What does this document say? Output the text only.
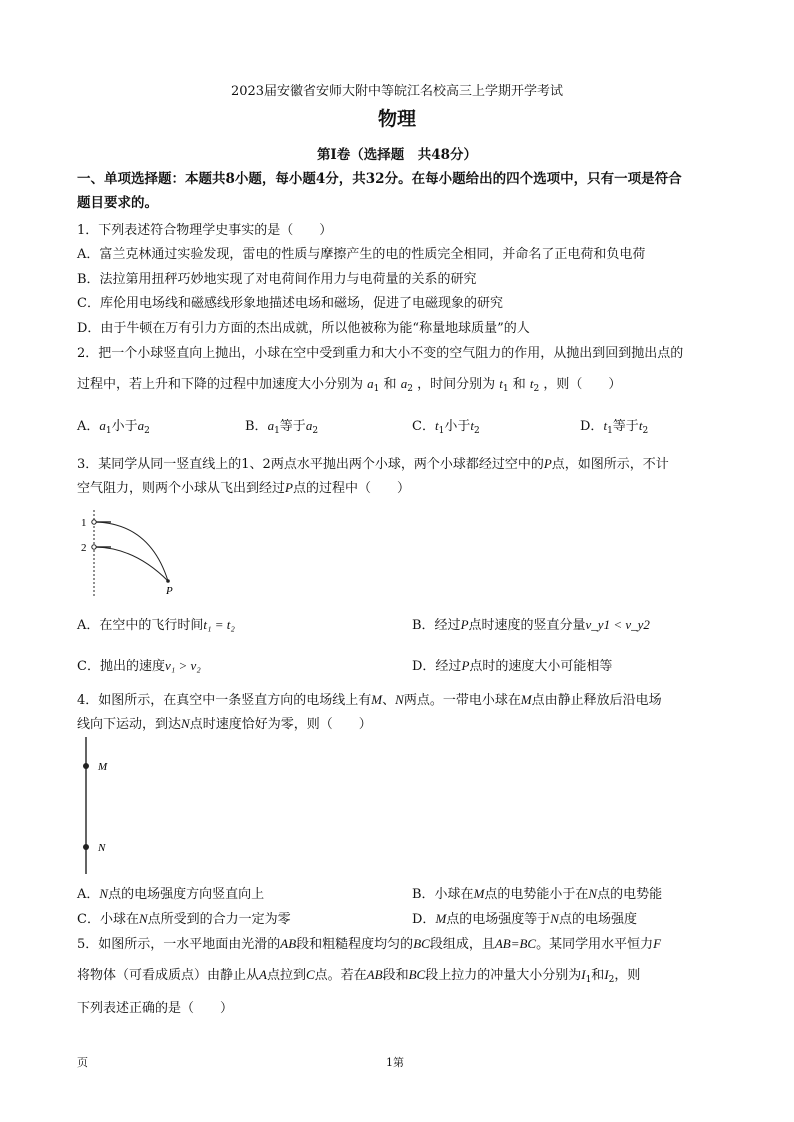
2023届安徽省安师大附中等皖江名校高三上学期开学考试
物理
第Ⅰ卷（选择题　共48分）
一、单项选择题：本题共8小题，每小题4分，共32分。在每小题给出的四个选项中，只有一项是符合
题目要求的。
1．下列表述符合物理学史事实的是（　　）
A．富兰克林通过实验发现，雷电的性质与摩擦产生的电的性质完全相同，并命名了正电荷和负电荷
B．法拉第用扭秤巧妙地实现了对电荷间作用力与电荷量的关系的研究
C．库伦用电场线和磁感线形象地描述电场和磁场，促进了电磁现象的研究
D．由于牛顿在万有引力方面的杰出成就，所以他被称为能“称量地球质量”的人
2．把一个小球竖直向上抛出，小球在空中受到重力和大小不变的空气阻力的作用，从抛出到回到抛出点的
过程中，若上升和下降的过程中加速度大小分别为 $a_1$ 和 $a_2$ ，时间分别为 $t_1$ 和 $t_2$ ，则（　　）
A．$a_1$小于$a_2$	B．$a_1$等于$a_2$	C．$t_1$小于$t_2$	D．$t_1$等于$t_2$
3．某同学从同一竖直线上的1、2两点水平抛出两个小球，两个小球都经过空中的P点，如图所示，不计
空气阻力，则两个小球从飞出到经过P点的过程中（　　）
1
2
P
A．在空中的飞行时间t₁ = t₂	B．经过P点时速度的竖直分量v_y1 < v_y2
C．抛出的速度v₁ > v₂	D．经过P点时的速度大小可能相等
4．如图所示，在真空中一条竖直方向的电场线上有M、N两点。一带电小球在M点由静止释放后沿电场
线向下运动，到达N点时速度恰好为零，则（　　）
M
N
A．N点的电场强度方向竖直向上	B．小球在M点的电势能小于在N点的电势能
C．小球在N点所受到的合力一定为零	D．M点的电场强度等于N点的电场强度
5．如图所示，一水平地面由光滑的AB段和粗糙程度均匀的BC段组成，且AB=BC。某同学用水平恒力F
将物体（可看成质点）由静止从A点拉到C点。若在AB段和BC段上拉力的冲量大小分别为$I_1$和$I_2$，则
下列表述正确的是（　　）
页	1第
